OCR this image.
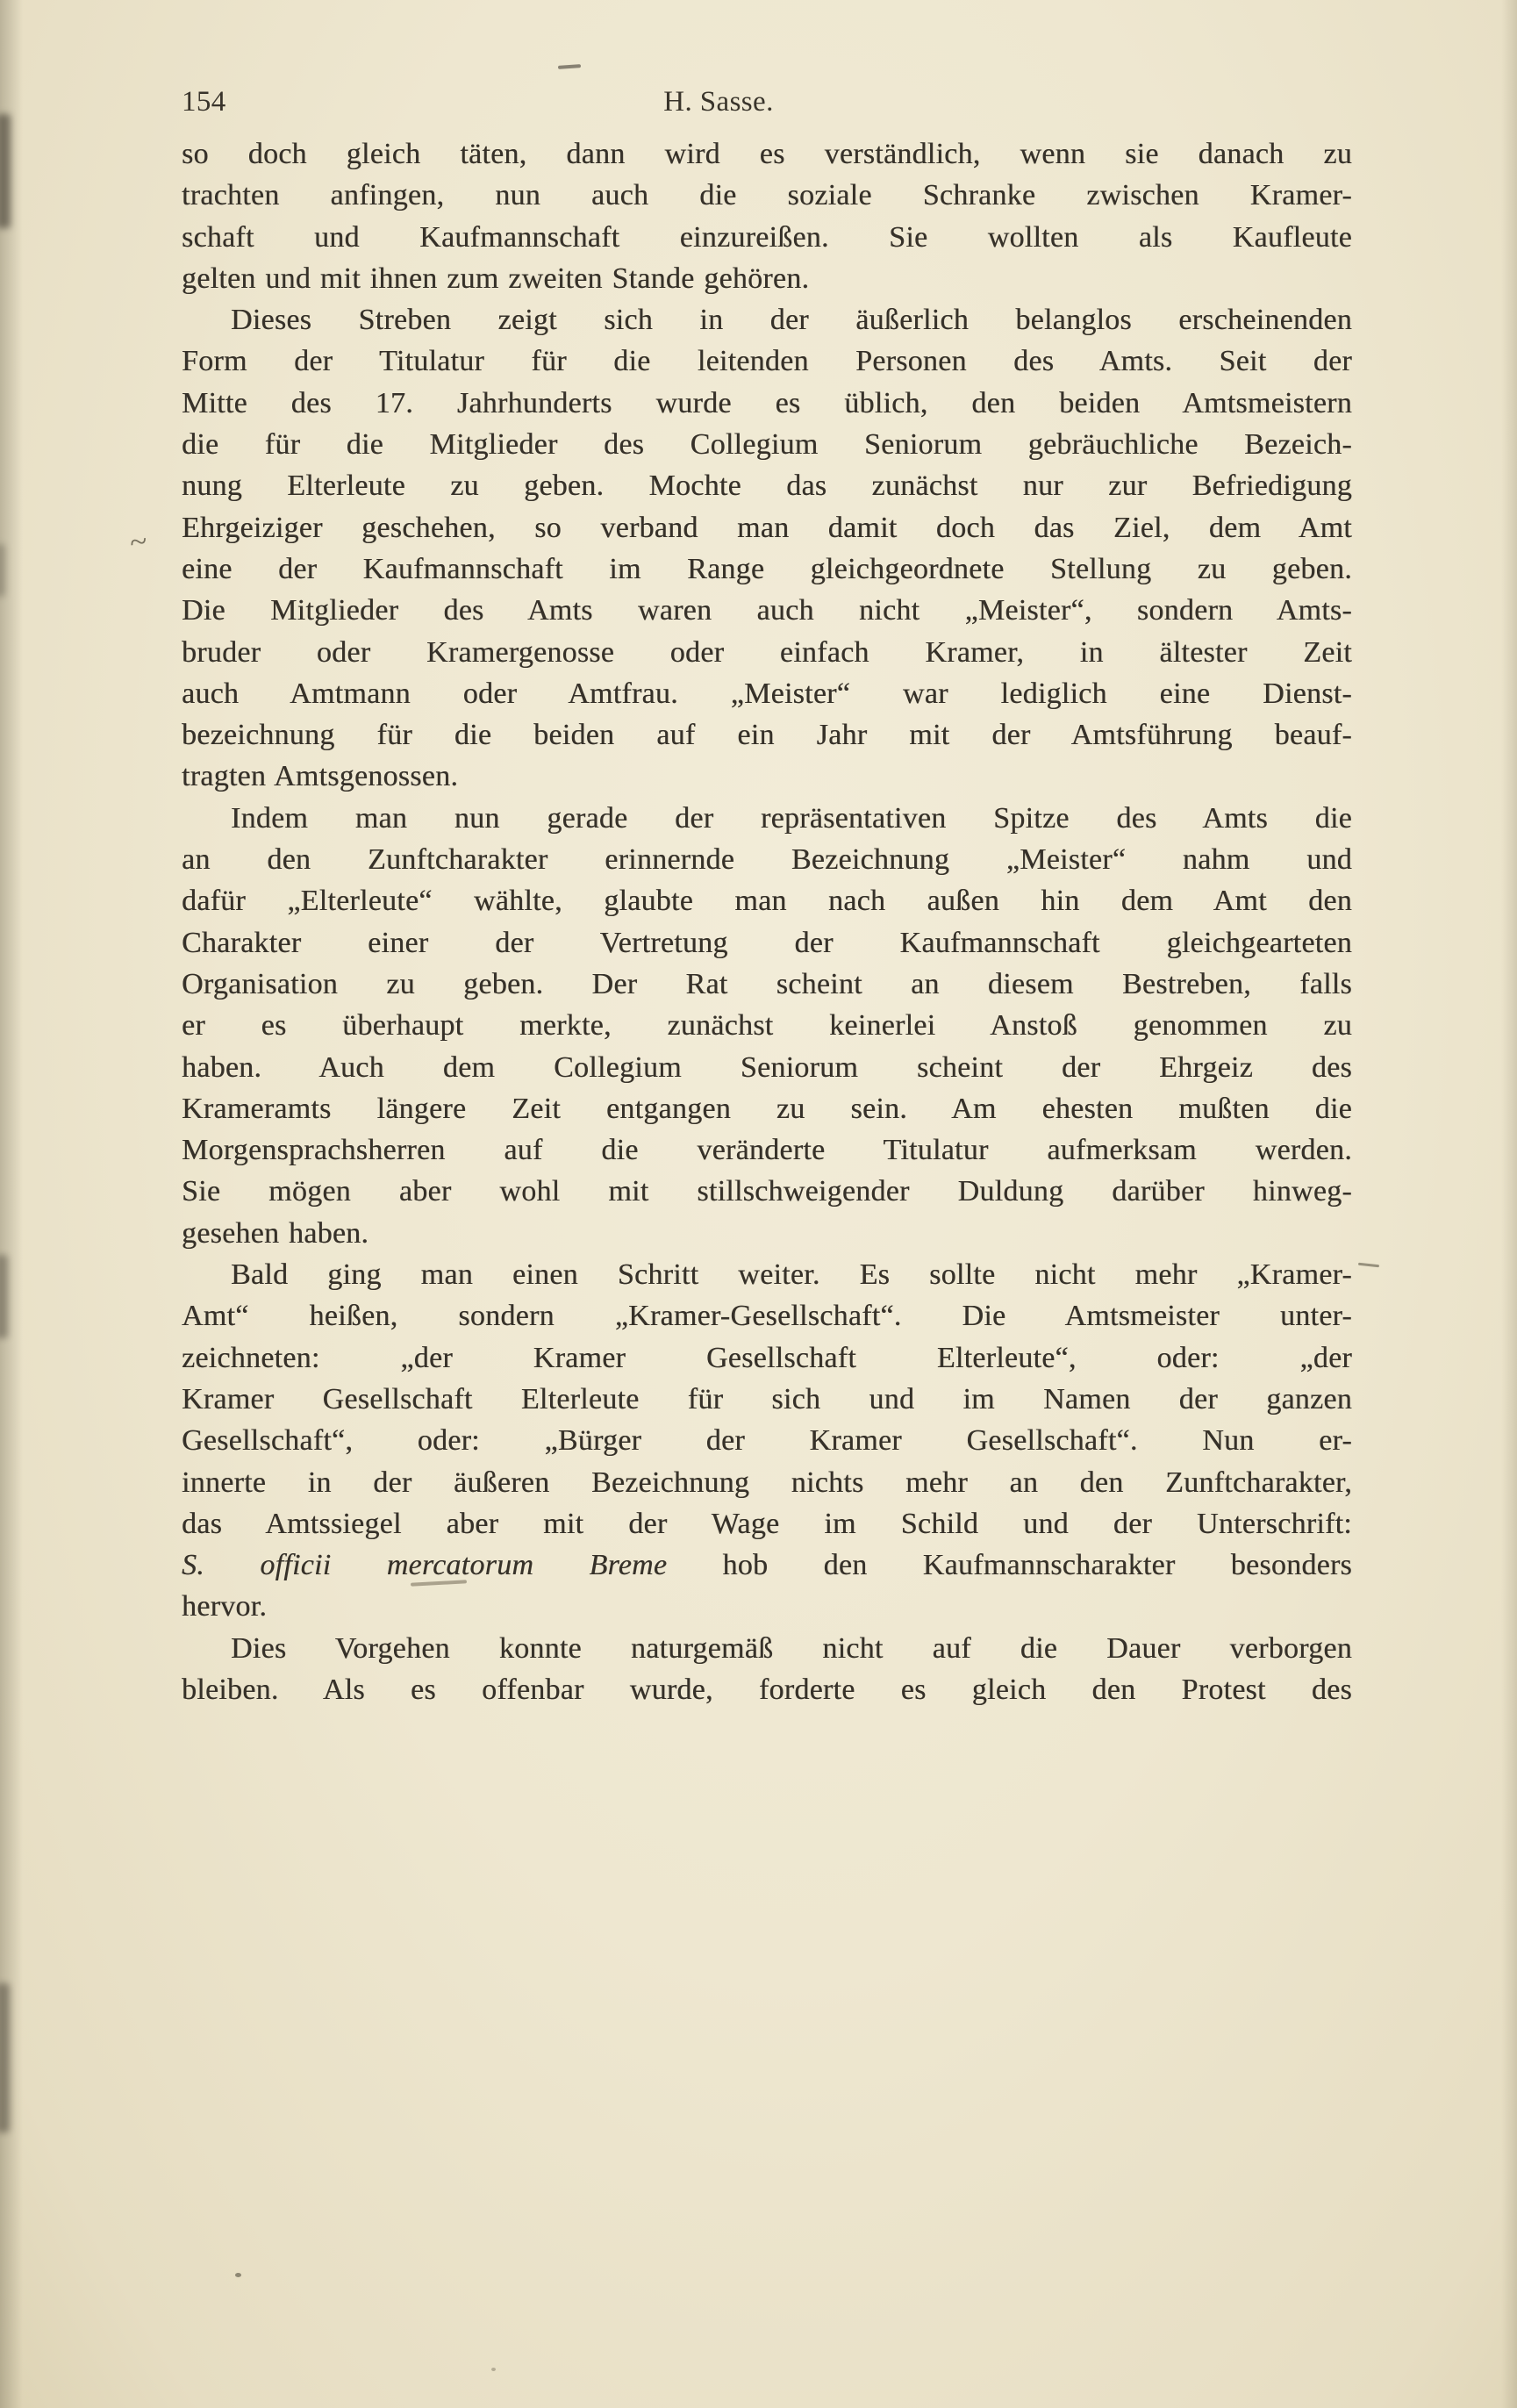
~
154	H. Sasse.
so doch gleich täten, dann wird es verständlich, wenn sie danach zu
trachten anfingen, nun auch die soziale Schranke zwischen Kramer-
schaft und Kaufmannschaft einzureißen. Sie wollten als Kaufleute
gelten und mit ihnen zum zweiten Stande gehören.
Dieses Streben zeigt sich in der äußerlich belanglos erscheinenden
Form der Titulatur für die leitenden Personen des Amts. Seit der
Mitte des 17. Jahrhunderts wurde es üblich, den beiden Amtsmeistern
die für die Mitglieder des Collegium Seniorum gebräuchliche Bezeich-
nung Elterleute zu geben. Mochte das zunächst nur zur Befriedigung
Ehrgeiziger geschehen, so verband man damit doch das Ziel, dem Amt
eine der Kaufmannschaft im Range gleichgeordnete Stellung zu geben.
Die Mitglieder des Amts waren auch nicht „Meister“, sondern Amts-
bruder oder Kramergenosse oder einfach Kramer, in ältester Zeit
auch Amtmann oder Amtfrau. „Meister“ war lediglich eine Dienst-
bezeichnung für die beiden auf ein Jahr mit der Amtsführung beauf-
tragten Amtsgenossen.
Indem man nun gerade der repräsentativen Spitze des Amts die
an den Zunftcharakter erinnernde Bezeichnung „Meister“ nahm und
dafür „Elterleute“ wählte, glaubte man nach außen hin dem Amt den
Charakter einer der Vertretung der Kaufmannschaft gleichgearteten
Organisation zu geben. Der Rat scheint an diesem Bestreben, falls
er es überhaupt merkte, zunächst keinerlei Anstoß genommen zu
haben. Auch dem Collegium Seniorum scheint der Ehrgeiz des
Krameramts längere Zeit entgangen zu sein. Am ehesten mußten die
Morgensprachsherren auf die veränderte Titulatur aufmerksam werden.
Sie mögen aber wohl mit stillschweigender Duldung darüber hinweg-
gesehen haben.
Bald ging man einen Schritt weiter. Es sollte nicht mehr „Kramer-
Amt“ heißen, sondern „Kramer-Gesellschaft“. Die Amtsmeister unter-
zeichneten: „der Kramer Gesellschaft Elterleute“, oder: „der
Kramer Gesellschaft Elterleute für sich und im Namen der ganzen
Gesellschaft“, oder: „Bürger der Kramer Gesellschaft“. Nun er-
innerte in der äußeren Bezeichnung nichts mehr an den Zunftcharakter,
das Amtssiegel aber mit der Wage im Schild und der Unterschrift:
S. officii mercatorum Breme hob den Kaufmannscharakter besonders
hervor.
Dies Vorgehen konnte naturgemäß nicht auf die Dauer verborgen
bleiben. Als es offenbar wurde, forderte es gleich den Protest des
